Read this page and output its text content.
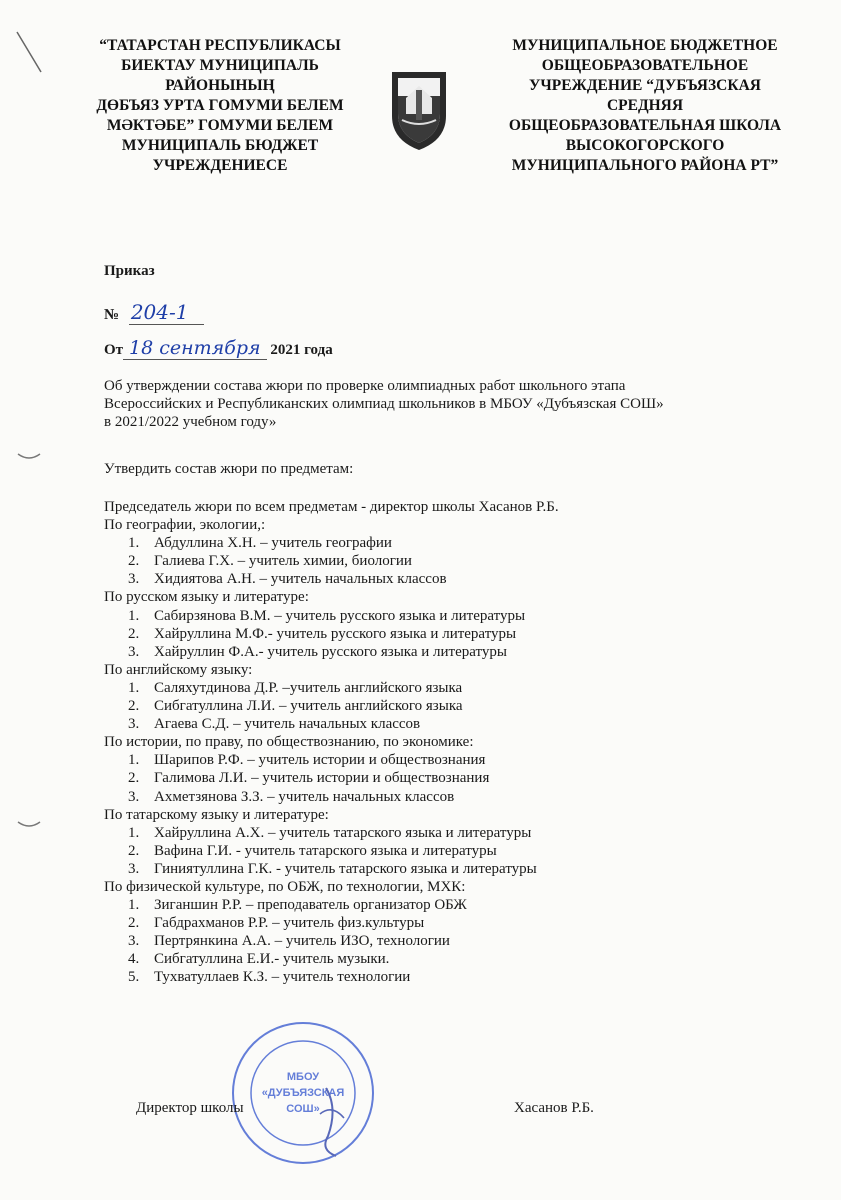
“ТАТАРСТАН РЕСПУБЛИКАСЫ
БИЕКТАУ МУНИЦИПАЛЬ
РАЙОНЫНЫҢ
ДӨБЪЯЗ УРТА ГОМУМИ БЕЛЕМ
МӘКТӘБЕ” ГОМУМИ БЕЛЕМ
МУНИЦИПАЛЬ БЮДЖЕТ
УЧРЕЖДЕНИЕСЕ
МУНИЦИПАЛЬНОЕ БЮДЖЕТНОЕ
ОБЩЕОБРАЗОВАТЕЛЬНОЕ
УЧРЕЖДЕНИЕ “ДУБЪЯЗСКАЯ
СРЕДНЯЯ
ОБЩЕОБРАЗОВАТЕЛЬНАЯ ШКОЛА
ВЫСОКОГОРСКОГО
МУНИЦИПАЛЬНОГО РАЙОНА РТ”
Приказ
№ 204-1
От 18 сентября 2021 года
Об утверждении состава жюри по проверке олимпиадных работ школьного этапа
Всероссийских и Республиканских олимпиад школьников в МБОУ «Дубъязская СОШ»
в 2021/2022 учебном году»
Утвердить состав жюри по предметам:
Председатель жюри по всем предметам - директор школы Хасанов Р.Б.
По географии, экологии,:
1. Абдуллина Х.Н. – учитель географии
2. Галиева Г.Х. – учитель химии, биологии
3. Хидиятова А.Н. – учитель начальных классов
По русском языку и литературе:
1. Сабирзянова В.М. – учитель русского языка и литературы
2. Хайруллина М.Ф.- учитель русского языка и литературы
3. Хайруллин Ф.А.- учитель русского языка и литературы
По английскому языку:
1. Саляхутдинова Д.Р. –учитель английского языка
2. Сибгатуллина Л.И. – учитель английского языка
3. Агаева С.Д. – учитель начальных классов
По истории, по праву, по обществознанию, по экономике:
1. Шарипов Р.Ф. – учитель истории и обществознания
2. Галимова Л.И. – учитель истории и обществознания
3. Ахметзянова З.З. – учитель начальных классов
По татарскому языку и литературе:
1. Хайруллина А.Х. – учитель татарского языка и литературы
2. Вафина Г.И. - учитель татарского языка и литературы
3. Гиниятуллина Г.К. - учитель татарского языка и литературы
По физической культуре, по ОБЖ, по технологии, МХК:
1. Зиганшин Р.Р. – преподаватель организатор ОБЖ
2. Габдрахманов Р.Р. – учитель физ.культуры
3. Пертрянкина А.А. – учитель ИЗО, технологии
4. Сибгатуллина Е.И.- учитель музыки.
5. Тухватуллаев К.З. – учитель технологии
МБОУ
«ДУБЪЯЗСКАЯ
СОШ»
Директор школы	Хасанов Р.Б.
